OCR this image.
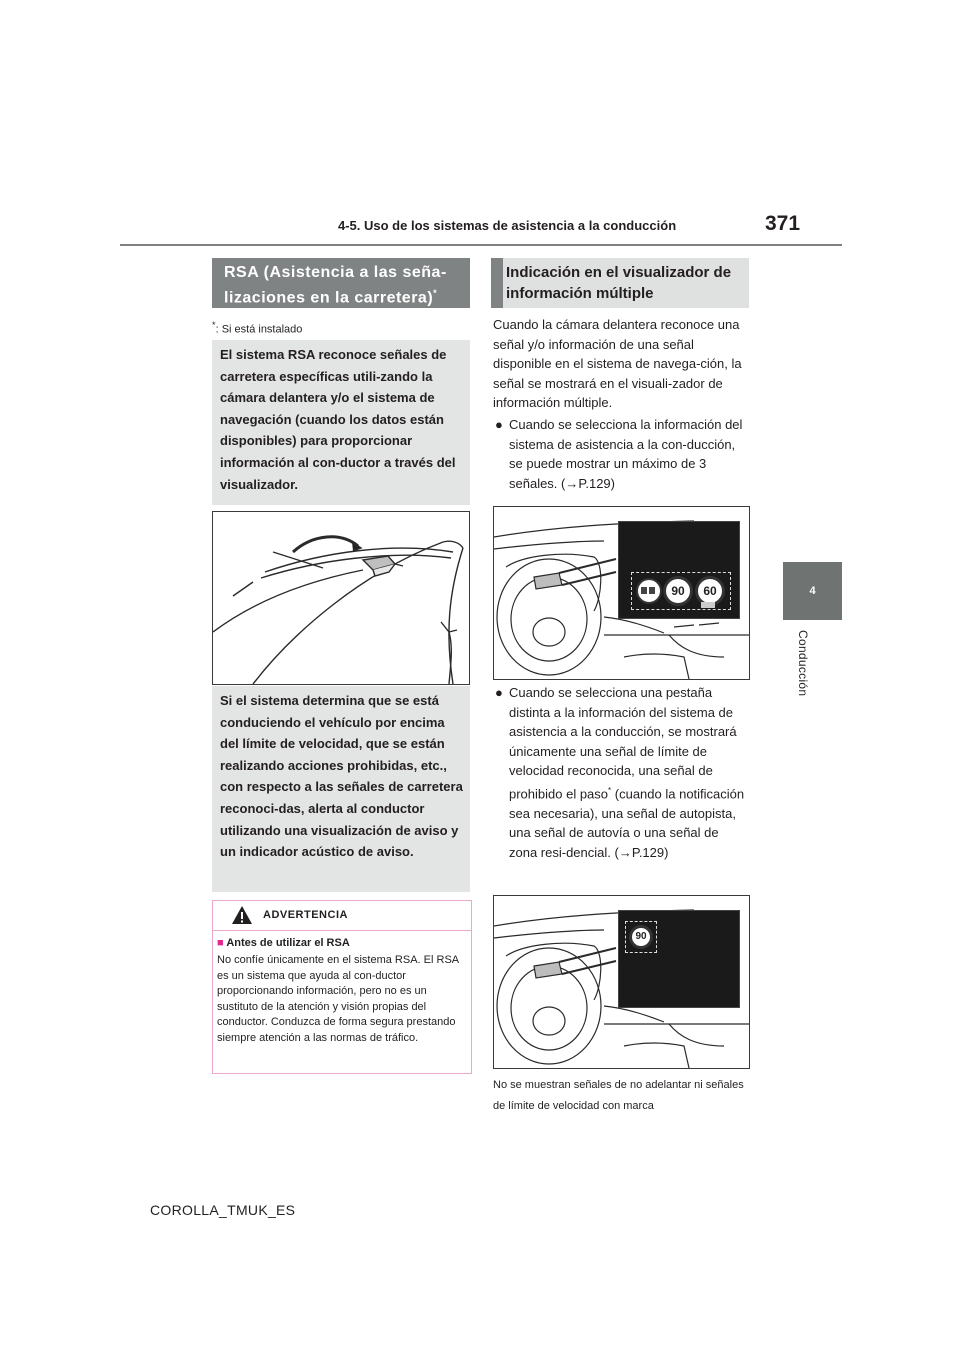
4-5. Uso de los sistemas de asistencia a la conducción	371
4
Conducción
RSA (Asistencia a las seña-
lizaciones en la carretera)*
*: Si está instalado
El sistema RSA reconoce señales de carretera específicas utili-zando la cámara delantera y/o el sistema de navegación (cuando los datos están disponibles) para proporcionar información al con-ductor a través del visualizador.
Si el sistema determina que se está conduciendo el vehículo por encima del límite de velocidad, que se están realizando acciones prohibidas, etc., con respecto a las señales de carretera reconoci-das, alerta al conductor utilizando una visualización de aviso y un indicador acústico de aviso.
ADVERTENCIA
■ Antes de utilizar el RSA
No confíe únicamente en el sistema RSA. El RSA es un sistema que ayuda al con-ductor proporcionando información, pero no es un sustituto de la atención y visión propias del conductor. Conduzca de forma segura prestando siempre atención a las normas de tráfico.
Indicación en el visualizador de
información múltiple
Cuando la cámara delantera reconoce una señal y/o información de una señal disponible en el sistema de navega-ción, la señal se mostrará en el visuali-zador de información múltiple.
● Cuando se selecciona la información del sistema de asistencia a la con-ducción, se puede mostrar un máximo de 3 señales. (→P.129)
90	60
● Cuando se selecciona una pestaña distinta a la información del sistema de asistencia a la conducción, se mostrará únicamente una señal de límite de velocidad reconocida, una señal de prohibido el paso* (cuando la notificación sea necesaria), una señal de autopista, una señal de autovía o una señal de zona resi-dencial. (→P.129)
90
No se muestran señales de no adelantar ni señales de límite de velocidad con marca
COROLLA_TMUK_ES
